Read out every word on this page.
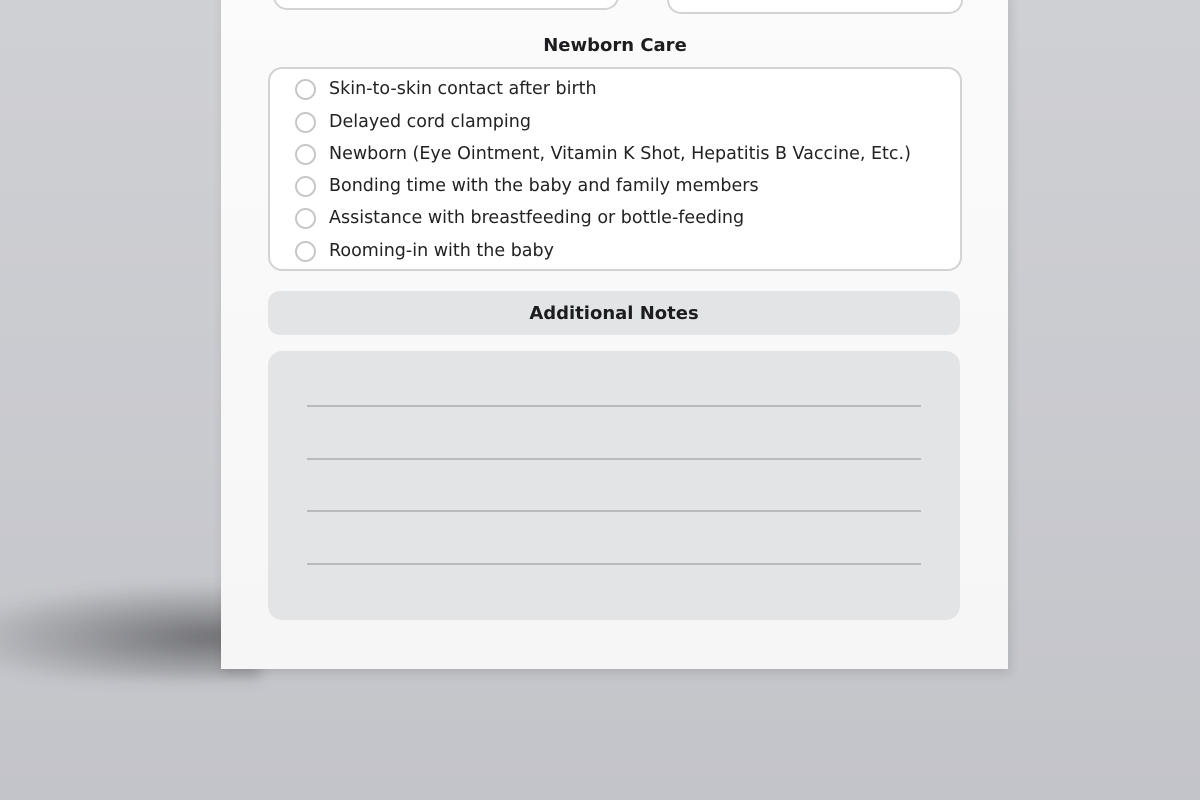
Newborn Care
Skin-to-skin contact after birth
Delayed cord clamping
Newborn (Eye Ointment, Vitamin K Shot, Hepatitis B Vaccine, Etc.)
Bonding time with the baby and family members
Assistance with breastfeeding or bottle-feeding
Rooming-in with the baby
Additional Notes
